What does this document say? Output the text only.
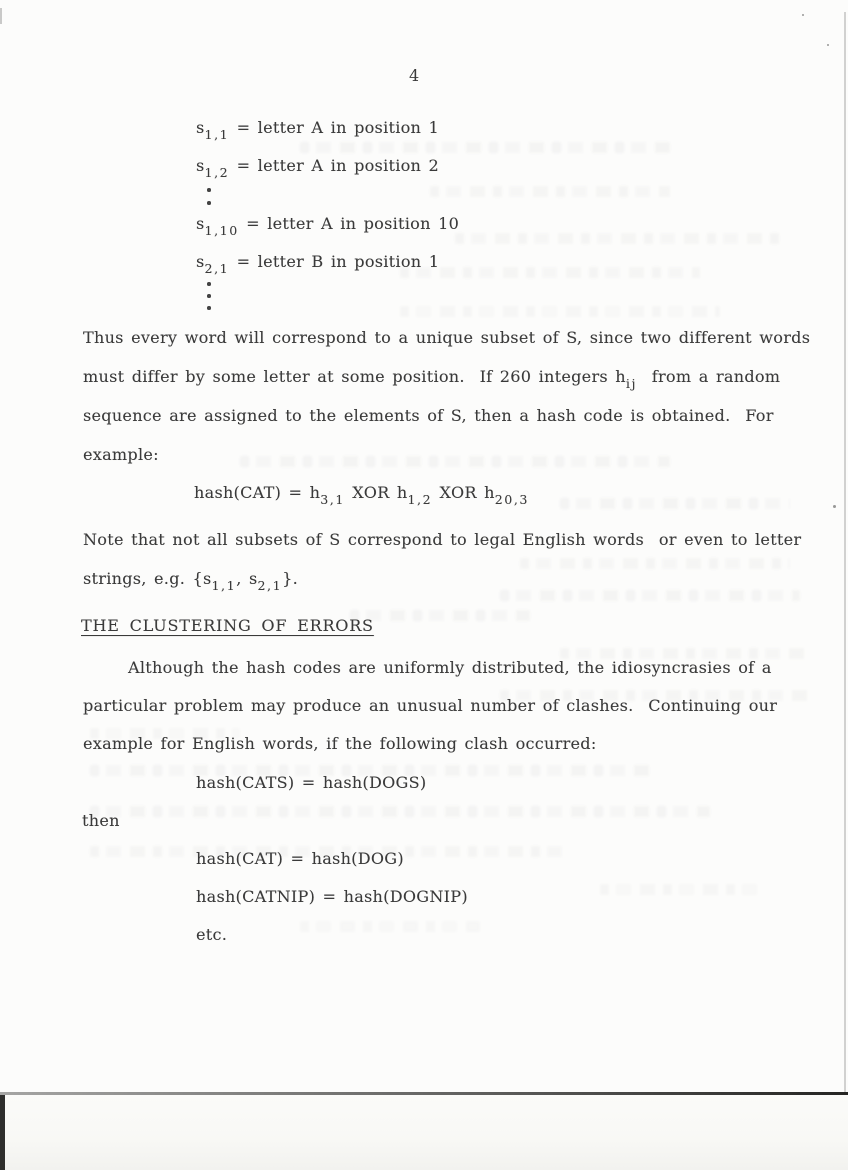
4
$s_{1,1}$ = letter A in position 1
$s_{1,2}$ = letter A in position 2
$s_{1,10}$ = letter A in position 10
$s_{2,1}$ = letter B in position 1
Thus every word will correspond to a unique subset of S, since two different words
must differ by some letter at some position.  If 260 integers $h_{ij}$  from a random
sequence are assigned to the elements of S, then a hash code is obtained.  For
example:
hash(CAT) = $h_{3,1}$ XOR $h_{1,2}$ XOR $h_{20,3}$
Note that not all subsets of S correspond to legal English words  or even to letter
strings, e.g. {$s_{1,1}$, $s_{2,1}$}.
THE CLUSTERING OF ERRORS
Although the hash codes are uniformly distributed, the idiosyncrasies of a
particular problem may produce an unusual number of clashes.  Continuing our
example for English words, if the following clash occurred:
hash(CATS) = hash(DOGS)
then
hash(CAT) = hash(DOG)
hash(CATNIP) = hash(DOGNIP)
etc.
